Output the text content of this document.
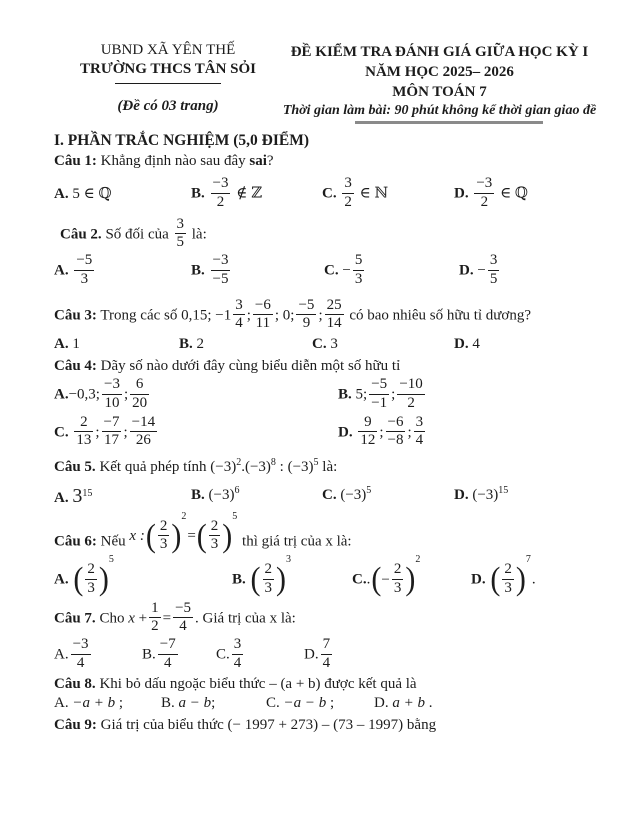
UBND XÃ YÊN THẾ
TRƯỜNG THCS TÂN SỎI
(Đề có 03 trang)
ĐỀ KIỂM TRA ĐÁNH GIÁ GIỮA HỌC KỲ I
NĂM HỌC 2025– 2026
MÔN TOÁN 7
Thời gian làm bài: 90 phút không kể thời gian giao đề
I. PHẦN TRẮC NGHIỆM (5,0 ĐIỂM)
Câu 1: Khẳng định nào sau đây sai?
A. 5 ∈ ℚ	B. $\frac{-3}{2}$ ∉ ℤ	C. $\frac{3}{2}$ ∈ ℕ	D. $\frac{-3}{2}$ ∈ ℚ
Câu 2. Số đối của $\frac{3}{5}$ là:
A. $\frac{-5}{3}$	B. $\frac{-3}{-5}$	C. − $\frac{5}{3}$	D. − $\frac{3}{5}$
Câu 3: Trong các số 0,15; $-1 \frac{3}{4}$ ; $\frac{-6}{11}$ ; 0; $\frac{-5}{9}$ ; $\frac{25}{14}$ có bao nhiêu số hữu tỉ dương?
A. 1	B. 2	C. 3	D. 4
Câu 4: Dãy số nào dưới đây cùng biểu diễn một số hữu tỉ
A.−0,3; $\frac{-3}{10}$ ; $\frac{6}{20}$	B. 5; $\frac{-5}{-1}$ ; $\frac{-10}{2}$
C. $\frac{2}{13}$ ; $\frac{-7}{17}$ ; $\frac{-14}{26}$	D. $\frac{9}{12}$ ; $\frac{-6}{-8}$ ; $\frac{3}{4}$
Câu 5. Kết quả phép tính $(-3)^2.(-3)^8$ : $(-3)^5$ là:
A. $3^{15}$	B. $(-3)^6$	C. $(-3)^5$	D. $(-3)^{15}$
Câu 6: Nếu x : ( $\frac{2}{3}$ )
2
= ( $\frac{2}{3}$ )
5
thì giá trị của x là:
A. ( $\frac{2}{3}$ )
5
B. ( $\frac{2}{3}$ )
3
C.. ( − $\frac{2}{3}$ )
2
D. ( $\frac{2}{3}$ )
7
.
Câu 7. Cho $x + \frac{1}{2} = \frac{-5}{4}$ . Giá trị của x là:
A. $\frac{-3}{4}$	B. $\frac{-7}{4}$	C. $\frac{3}{4}$	D. $\frac{7}{4}$
Câu 8. Khi bỏ dấu ngoặc biểu thức – (a + b) được kết quả là
A. −a + b ;	B. a − b;	C. −a − b ;	D. a + b .
Câu 9: Giá trị của biểu thức (− 1997 + 273) – (73 – 1997) bằng
